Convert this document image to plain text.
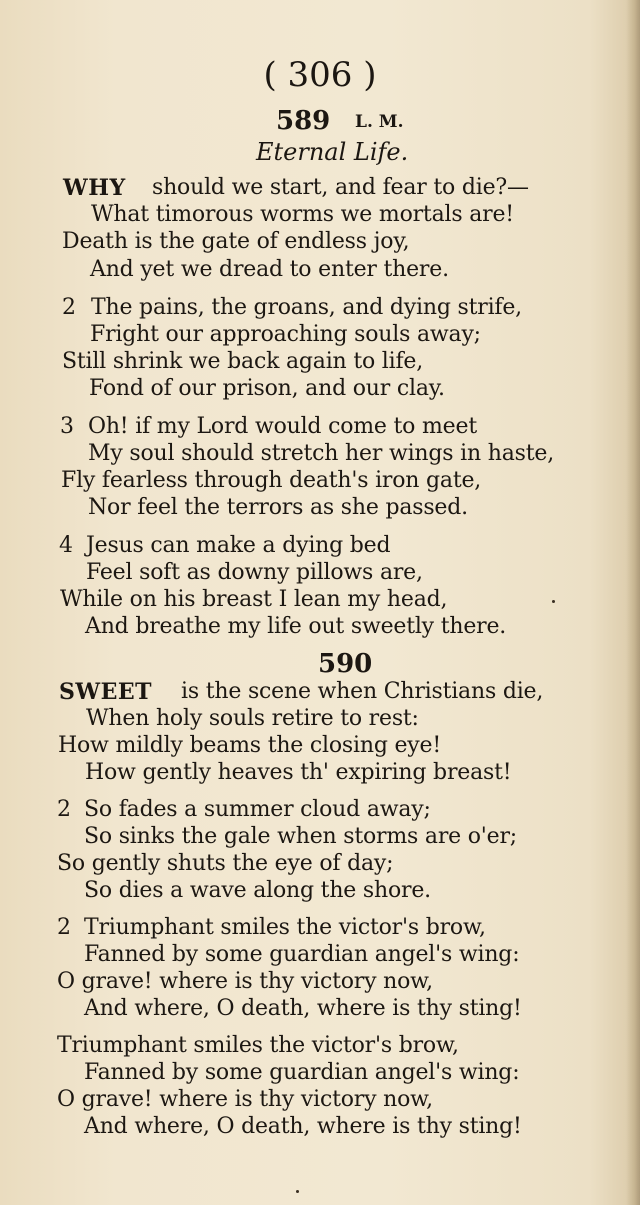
( 306 )
589 L. M.
Eternal Life.
WHY should we start, and fear to die?—
What timorous worms we mortals are!
Death is the gate of endless joy,
And yet we dread to enter there.
2 The pains, the groans, and dying strife,
Fright our approaching souls away;
Still shrink we back again to life,
Fond of our prison, and our clay.
3 Oh! if my Lord would come to meet
My soul should stretch her wings in haste,
Fly fearless through death's iron gate,
Nor feel the terrors as she passed.
4 Jesus can make a dying bed
Feel soft as downy pillows are,
While on his breast I lean my head,
And breathe my life out sweetly there.
590
SWEET is the scene when Christians die,
When holy souls retire to rest:
How mildly beams the closing eye!
How gently heaves th' expiring breast!
2 So fades a summer cloud away;
So sinks the gale when storms are o'er;
So gently shuts the eye of day;
So dies a wave along the shore.
2 Triumphant smiles the victor's brow,
Fanned by some guardian angel's wing:
O grave! where is thy victory now,
And where, O death, where is thy sting!
Triumphant smiles the victor's brow,
Fanned by some guardian angel's wing:
O grave! where is thy victory now,
And where, O death, where is thy sting!
